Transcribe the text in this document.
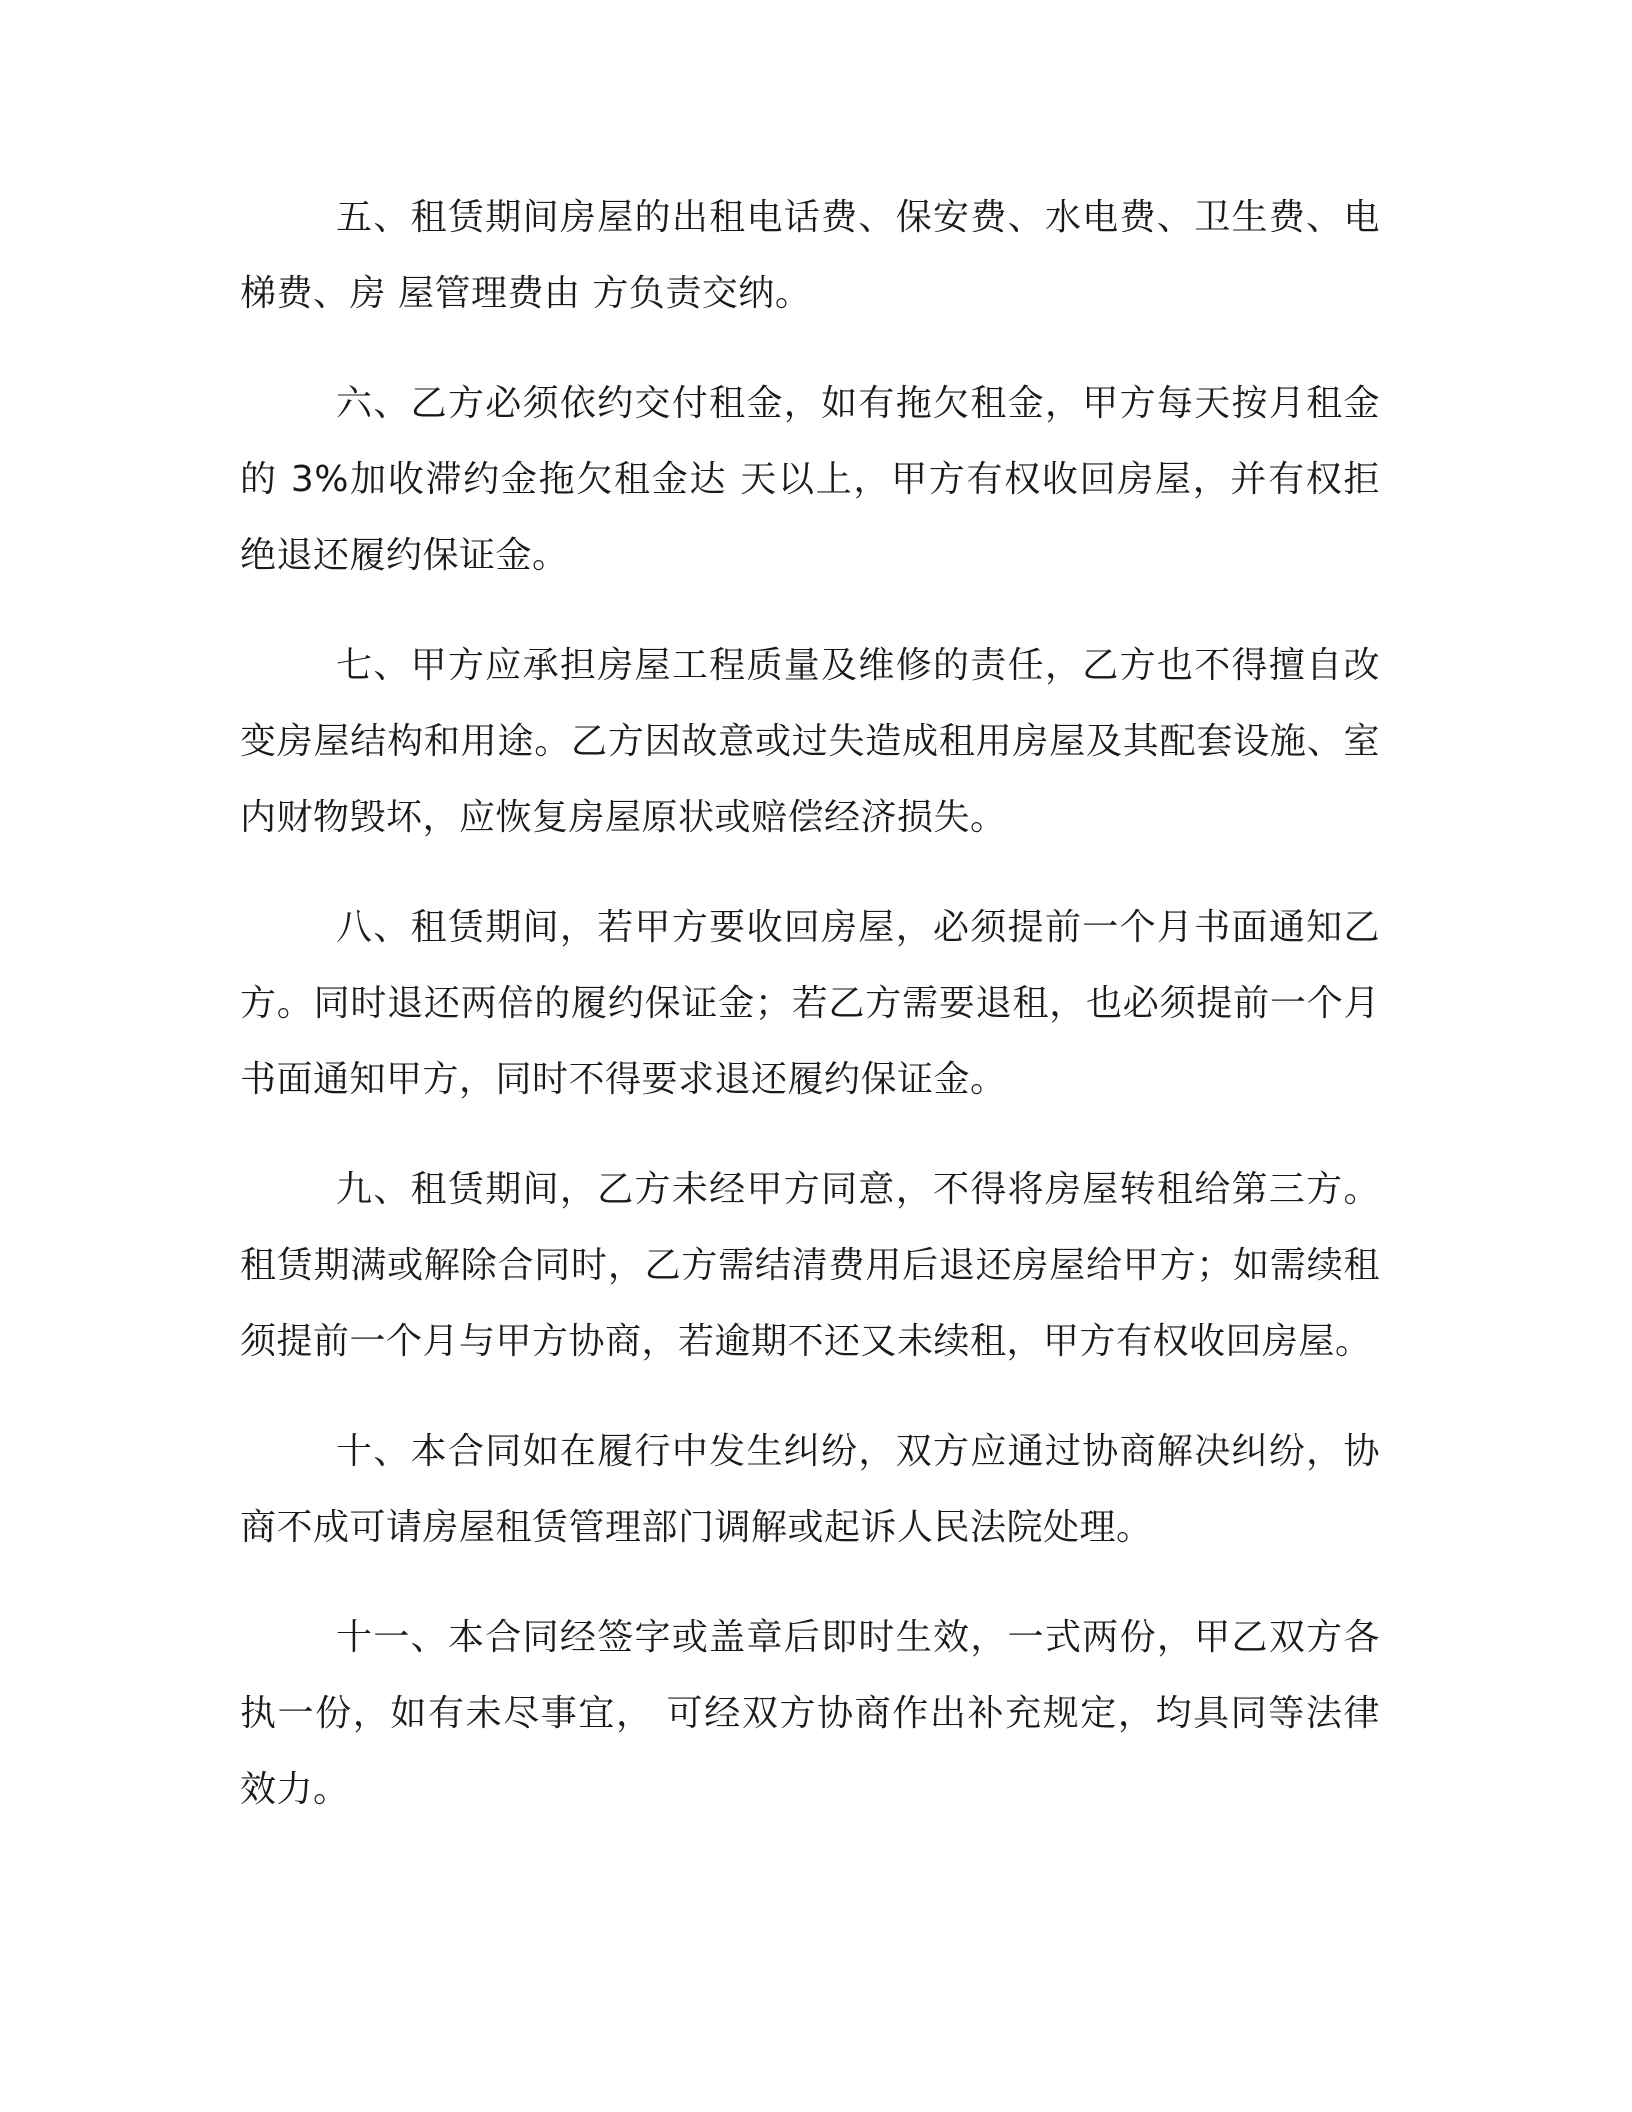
五、租赁期间房屋的出租电话费、保安费、水电费、卫生费、电梯费、房 屋管理费由 方负责交纳。

六、乙方必须依约交付租金，如有拖欠租金，甲方每天按月租金的 3%加收滞约金拖欠租金达 天以上，甲方有权收回房屋，并有权拒绝退还履约保证金。

七、甲方应承担房屋工程质量及维修的责任，乙方也不得擅自改变房屋结构和用途。乙方因故意或过失造成租用房屋及其配套设施、室内财物毁坏，应恢复房屋原状或赔偿经济损失。

八、租赁期间，若甲方要收回房屋，必须提前一个月书面通知乙方。同时退还两倍的履约保证金；若乙方需要退租，也必须提前一个月书面通知甲方，同时不得要求退还履约保证金。

九、租赁期间，乙方未经甲方同意，不得将房屋转租给第三方。租赁期满或解除合同时，乙方需结清费用后退还房屋给甲方；如需续租须提前一个月与甲方协商，若逾期不还又未续租，甲方有权收回房屋。

十、本合同如在履行中发生纠纷，双方应通过协商解决纠纷，协商不成可请房屋租赁管理部门调解或起诉人民法院处理。

十一、本合同经签字或盖章后即时生效，一式两份，甲乙双方各执一份，如有未尽事宜， 可经双方协商作出补充规定，均具同等法律效力。
